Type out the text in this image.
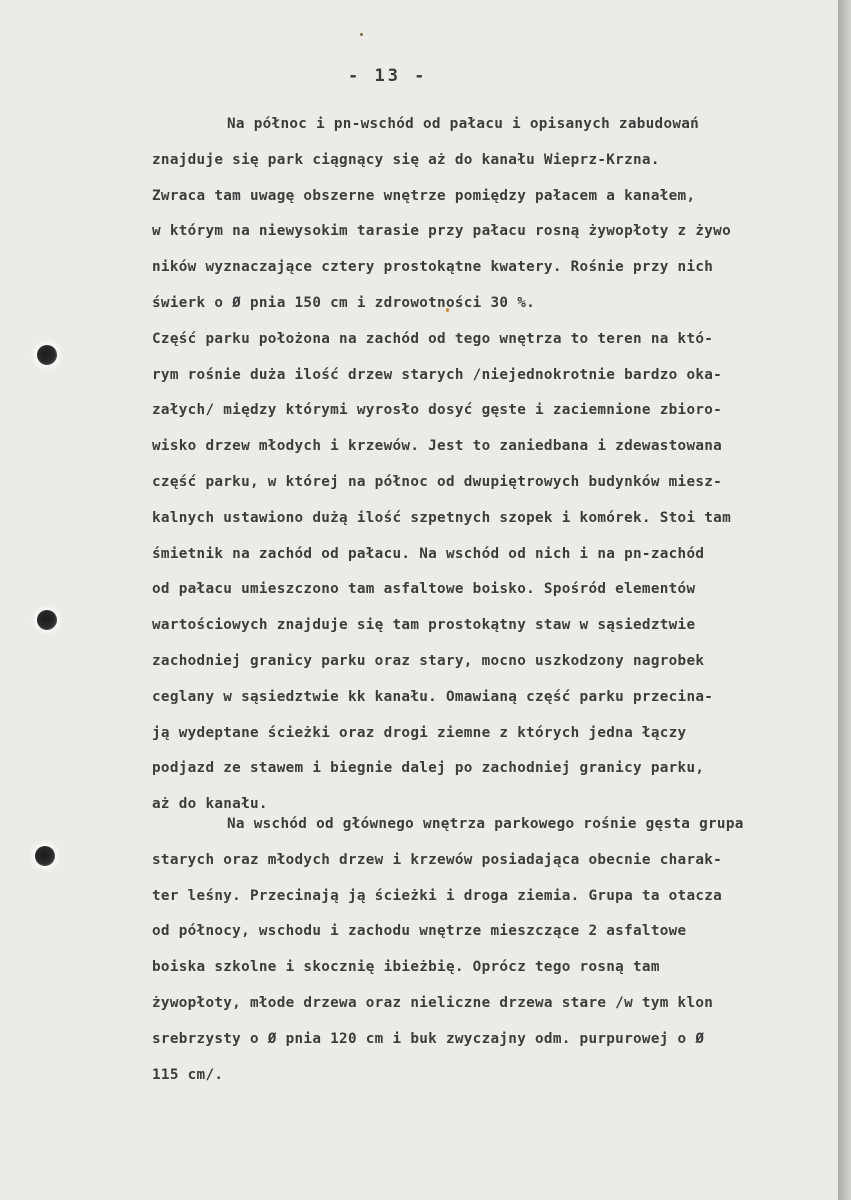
- 13 -
Na północ i pn-wschód od pałacu i opisanych zabudowań
znajduje się park ciągnący się aż do kanału Wieprz-Krzna.
Zwraca tam uwagę obszerne wnętrze pomiędzy pałacem a kanałem,
w którym na niewysokim tarasie przy pałacu rosną żywopłoty z żywo
ników wyznaczające cztery prostokątne kwatery. Rośnie przy nich
świerk o Ø pnia 150 cm i zdrowotności 30 %.
Część parku położona na zachód od tego wnętrza to teren na któ-
rym rośnie duża ilość drzew starych /niejednokrotnie bardzo oka-
załych/ między którymi wyrosło dosyć gęste i zaciemnione zbioro-
wisko drzew młodych i krzewów. Jest to zaniedbana i zdewastowana
część parku, w której na północ od dwupiętrowych budynków miesz-
kalnych ustawiono dużą ilość szpetnych szopek i komórek. Stoi tam
śmietnik na zachód od pałacu. Na wschód od nich i na pn-zachód
od pałacu umieszczono tam asfaltowe boisko. Spośród elementów
wartościowych znajduje się tam prostokątny staw w sąsiedztwie
zachodniej granicy parku oraz stary, mocno uszkodzony nagrobek
ceglany w sąsiedztwie kk kanału. Omawianą część parku przecina-
ją wydeptane ścieżki oraz drogi ziemne z których jedna łączy
podjazd ze stawem i biegnie dalej po zachodniej granicy parku,
aż do kanału.
Na wschód od głównego wnętrza parkowego rośnie gęsta grupa
starych oraz młodych drzew i krzewów posiadająca obecnie charak-
ter leśny. Przecinają ją ścieżki i droga ziemia. Grupa ta otacza
od północy, wschodu i zachodu wnętrze mieszczące 2 asfaltowe
boiska szkolne i skocznię ibieżbię. Oprócz tego rosną tam
żywopłoty, młode drzewa oraz nieliczne drzewa stare /w tym klon
srebrzysty o Ø pnia 120 cm i buk zwyczajny odm. purpurowej o Ø
115 cm/.
